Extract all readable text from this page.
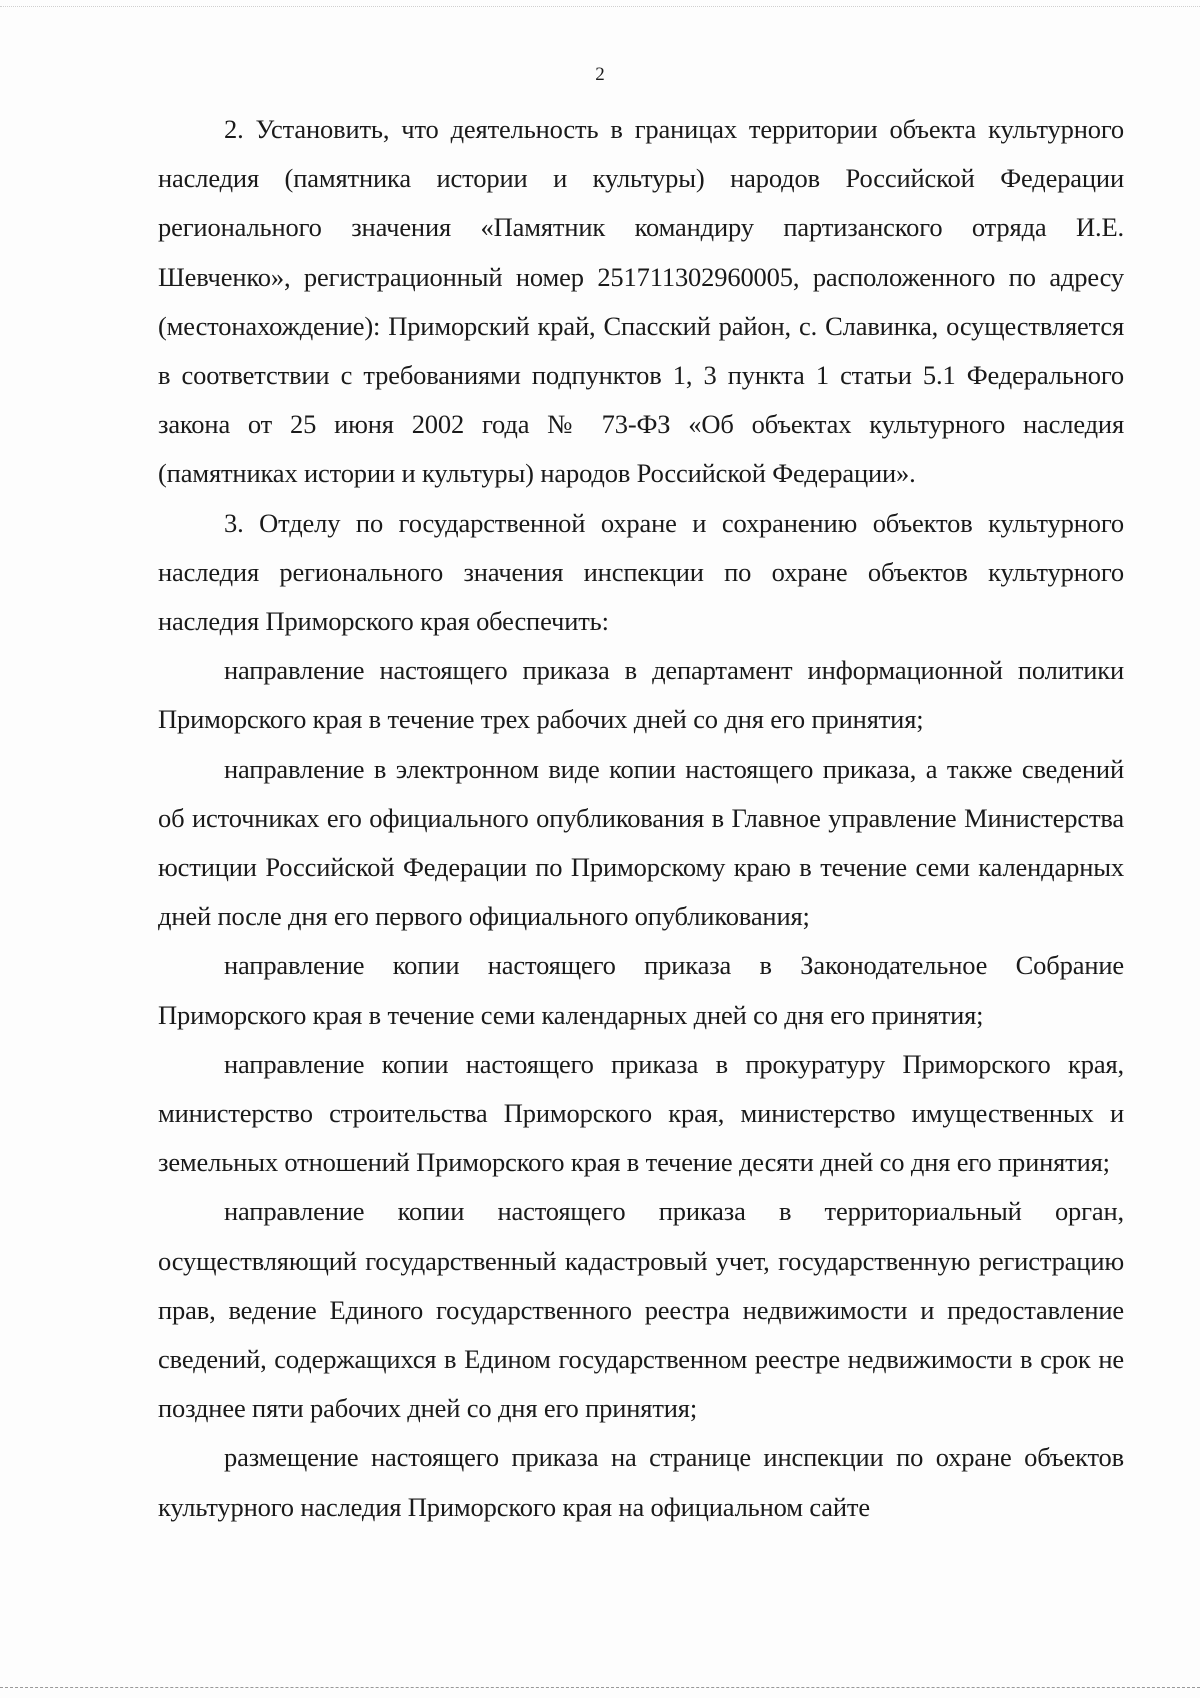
2

2. Установить, что деятельность в границах территории объекта культурного наследия (памятника истории и культуры) народов Российской Федерации регионального значения «Памятник командиру партизанского отряда И.Е. Шевченко», регистрационный номер 251711302960005, расположенного по адресу (местонахождение): Приморский край, Спасский район, с. Славинка, осуществляется в соответствии с требованиями подпунктов 1, 3 пункта 1 статьи 5.1 Федерального закона от 25 июня 2002 года № 73-ФЗ «Об объектах культурного наследия (памятниках истории и культуры) народов Российской Федерации».

3. Отделу по государственной охране и сохранению объектов культурного наследия регионального значения инспекции по охране объектов культурного наследия Приморского края обеспечить:

направление настоящего приказа в департамент информационной политики Приморского края в течение трех рабочих дней со дня его принятия;

направление в электронном виде копии настоящего приказа, а также сведений об источниках его официального опубликования в Главное управление Министерства юстиции Российской Федерации по Приморскому краю в течение семи календарных дней после дня его первого официального опубликования;

направление копии настоящего приказа в Законодательное Собрание Приморского края в течение семи календарных дней со дня его принятия;

направление копии настоящего приказа в прокуратуру Приморского края, министерство строительства Приморского края, министерство имущественных и земельных отношений Приморского края в течение десяти дней со дня его принятия;

направление копии настоящего приказа в территориальный орган, осуществляющий государственный кадастровый учет, государственную регистрацию прав, ведение Единого государственного реестра недвижимости и предоставление сведений, содержащихся в Едином государственном реестре недвижимости в срок не позднее пяти рабочих дней со дня его принятия;

размещение настоящего приказа на странице инспекции по охране объектов культурного наследия Приморского края на официальном сайте
